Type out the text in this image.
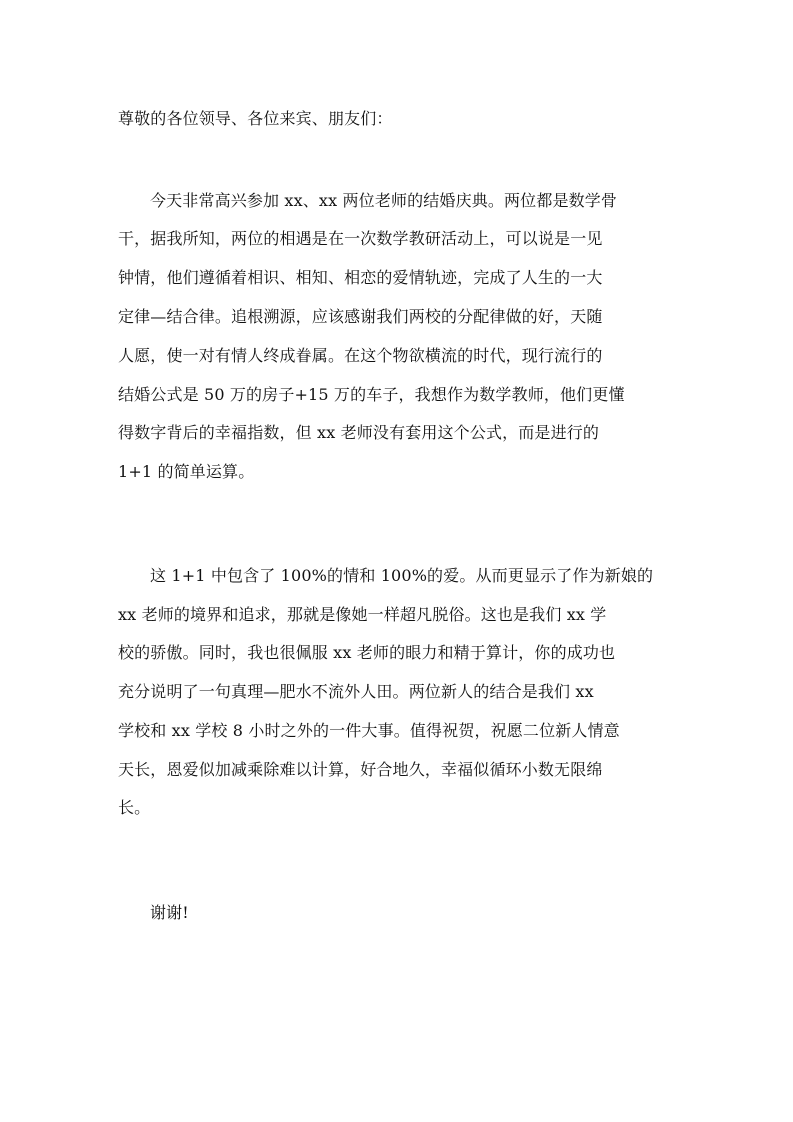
尊敬的各位领导、各位来宾、朋友们：
今天非常高兴参加 xx、xx 两位老师的结婚庆典。两位都是数学骨
干，据我所知，两位的相遇是在一次数学教研活动上，可以说是一见
钟情，他们遵循着相识、相知、相恋的爱情轨迹，完成了人生的一大
定律—结合律。追根溯源，应该感谢我们两校的分配律做的好，天随
人愿，使一对有情人终成眷属。在这个物欲横流的时代，现行流行的
结婚公式是 50 万的房子+15 万的车子，我想作为数学教师，他们更懂
得数字背后的幸福指数，但 xx 老师没有套用这个公式，而是进行的
1+1 的简单运算。
这 1+1 中包含了 100%的情和 100%的爱。从而更显示了作为新娘的
xx 老师的境界和追求，那就是像她一样超凡脱俗。这也是我们 xx 学
校的骄傲。同时，我也很佩服 xx 老师的眼力和精于算计，你的成功也
充分说明了一句真理—肥水不流外人田。两位新人的结合是我们 xx
学校和 xx 学校 8 小时之外的一件大事。值得祝贺，祝愿二位新人情意
天长，恩爱似加减乘除难以计算，好合地久，幸福似循环小数无限绵
长。
谢谢!
